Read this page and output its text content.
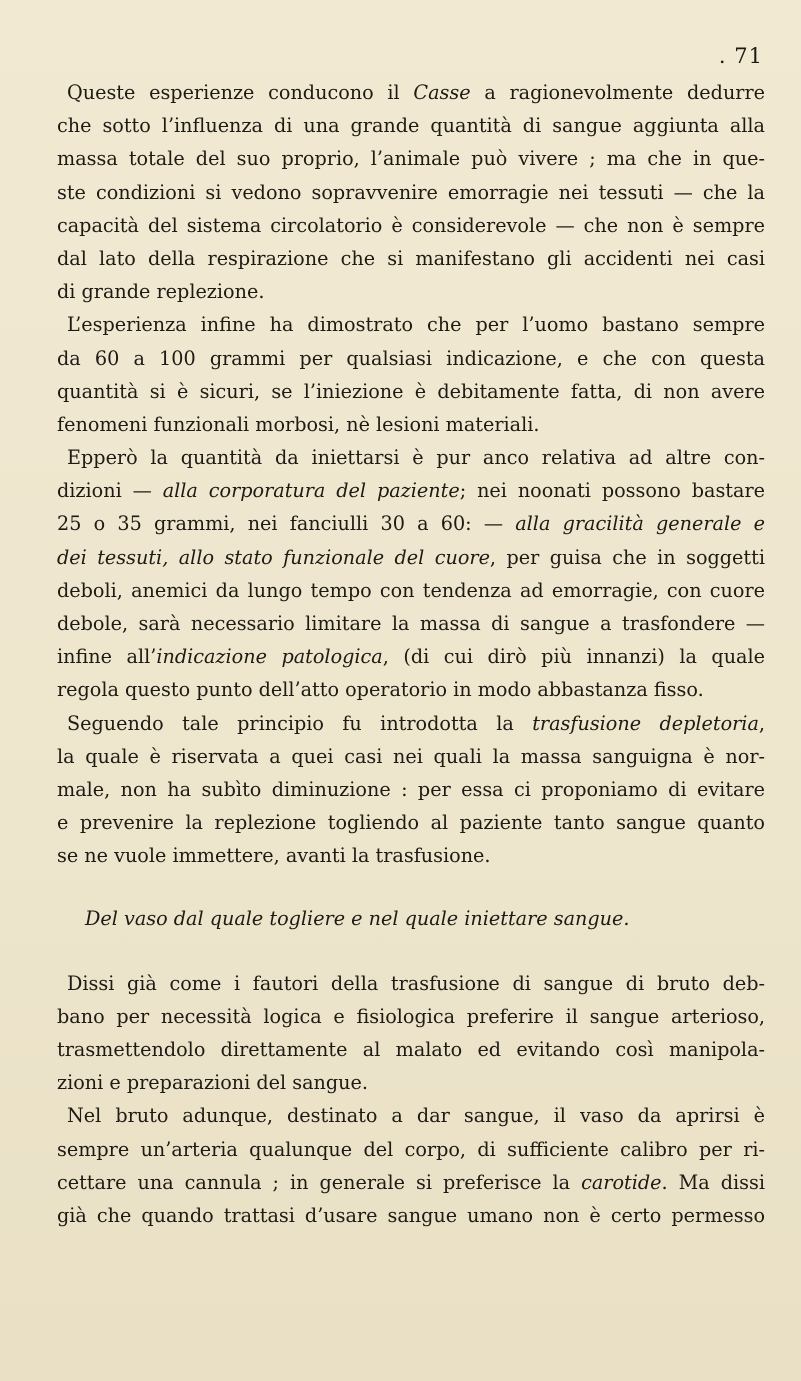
. 71
Queste esperienze conducono il Casse a ragionevolmente dedurre
che sotto l’influenza di una grande quantità di sangue aggiunta alla
massa totale del suo proprio, l’animale può vivere ; ma che in que-
ste condizioni si vedono sopravvenire emorragie nei tessuti — che la
capacità del sistema circolatorio è considerevole — che non è sempre
dal lato della respirazione che si manifestano gli accidenti nei casi
di grande replezione.
L’esperienza infine ha dimostrato che per l’uomo bastano sempre
da 60 a 100 grammi per qualsiasi indicazione, e che con questa
quantità si è sicuri, se l’iniezione è debitamente fatta, di non avere
fenomeni funzionali morbosi, nè lesioni materiali.
Epperò la quantità da iniettarsi è pur anco relativa ad altre con-
dizioni — alla corporatura del paziente; nei noonati possono bastare
25 o 35 grammi, nei fanciulli 30 a 60: — alla gracilità generale e
dei tessuti, allo stato funzionale del cuore, per guisa che in soggetti
deboli, anemici da lungo tempo con tendenza ad emorragie, con cuore
debole, sarà necessario limitare la massa di sangue a trasfondere —
infine all’indicazione patologica, (di cui dirò più innanzi) la quale
regola questo punto dell’atto operatorio in modo abbastanza fisso.
Seguendo tale principio fu introdotta la trasfusione depletoria,
la quale è riservata a quei casi nei quali la massa sanguigna è nor-
male, non ha subìto diminuzione : per essa ci proponiamo di evitare
e prevenire la replezione togliendo al paziente tanto sangue quanto
se ne vuole immettere, avanti la trasfusione.
Del vaso dal quale togliere e nel quale iniettare sangue.
Dissi già come i fautori della trasfusione di sangue di bruto deb-
bano per necessità logica e fisiologica preferire il sangue arterioso,
trasmettendolo direttamente al malato ed evitando così manipola-
zioni e preparazioni del sangue.
Nel bruto adunque, destinato a dar sangue, il vaso da aprirsi è
sempre un’arteria qualunque del corpo, di sufficiente calibro per ri-
cettare una cannula ; in generale si preferisce la carotide. Ma dissi
già che quando trattasi d’usare sangue umano non è certo permesso
